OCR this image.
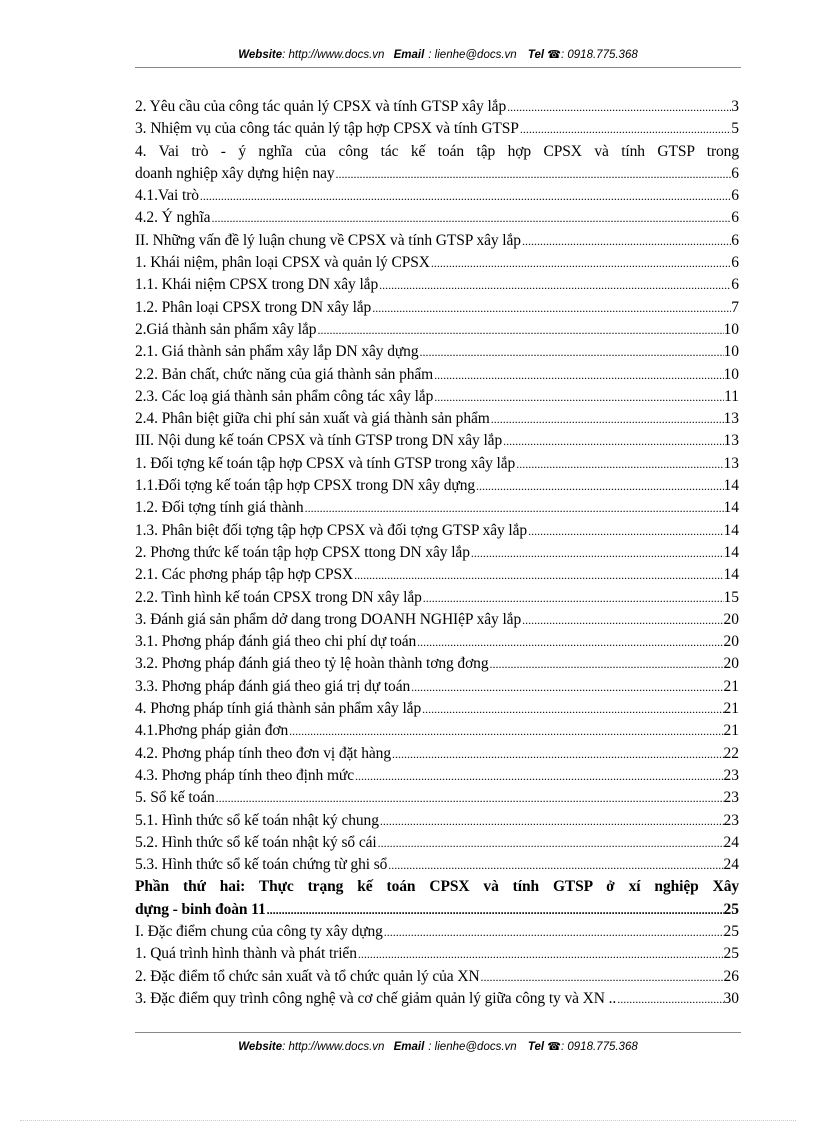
Website: http://www.docs.vn Email : lienhe@docs.vn Tel ☎: 0918.775.368
2. Yêu cầu của công tác quản lý CPSX và tính GTSP xây lắp .....	3
3. Nhiệm vụ của công tác quản lý tập hợp CPSX và tính GTSP .....	5
4. Vai trò - ý nghĩa của công tác kế toán tập hợp CPSX và tính GTSP trong
doanh nghiệp xây dựng hiện nay .....	6
4.1.Vai trò .....	6
4.2. Ý nghĩa .....	6
II. Những vấn đề lý luận chung về CPSX và tính GTSP xây lắp .....	6
1. Khái niệm, phân loại CPSX và quản lý CPSX .....	6
1.1. Khái niệm CPSX trong DN xây lắp .....	6
1.2. Phân loại CPSX trong DN xây lắp .....	7
2.Giá thành sản phẩm xây lắp .....	10
2.1. Giá thành sản phẩm xây lắp DN xây dựng .....	10
2.2. Bản chất, chức năng của giá thành sản phẩm .....	10
2.3. Các loạ giá thành sản phẩm công tác xây lắp .....	11
2.4. Phân biệt giữa chi phí sản xuất và giá thành sản phẩm .....	13
III. Nội dung kế toán CPSX và tính GTSP trong DN xây lắp .....	13
1. Đối tợng kế toán tập hợp CPSX và tính GTSP trong xây lắp .....	13
1.1.Đối tợng kế toán tập hợp CPSX trong DN xây dựng .....	14
1.2. Đối tợng tính giá thành .....	14
1.3. Phân biệt đối tợng tập hợp CPSX và đối tợng GTSP xây lắp .....	14
2. Phơng thức kế toán tập hợp CPSX ttong DN xây lắp .....	14
2.1. Các phơng pháp tập hợp CPSX .....	14
2.2. Tình hình kế toán CPSX trong DN xây lắp .....	15
3. Đánh giá sản phẩm dở dang trong DOANH NGHIệP xây lắp .....	20
3.1. Phơng pháp đánh giá theo chi phí dự toán .....	20
3.2. Phơng pháp đánh giá theo tỷ lệ hoàn thành tơng đơng .....	20
3.3. Phơng pháp đánh giá theo giá trị dự toán .....	21
4. Phơng pháp tính giá thành sản phẩm xây lắp .....	21
4.1.Phơng pháp giản đơn .....	21
4.2. Phơng pháp tính theo đơn vị đặt hàng .....	22
4.3. Phơng pháp tính theo định mức .....	23
5. Sổ kế toán .....	23
5.1. Hình thức sổ kế toán nhật ký chung .....	23
5.2. Hình thức sổ kế toán nhật ký sổ cái .....	24
5.3. Hình thức sổ kế toán chứng từ ghi sổ .....	24
Phần thứ hai: Thực trạng kế toán CPSX và tính GTSP ở xí nghiệp Xây
dựng - binh đoàn 11 .....	25
I. Đặc điểm chung của công ty xây dựng .....	25
1. Quá trình hình thành và phát triển .....	25
2. Đặc điểm tổ chức sản xuất và tổ chức quản lý của XN .....	26
3. Đặc điểm quy trình công nghệ và cơ chế giảm quản lý giữa công ty và XN .. .....	30
Website: http://www.docs.vn Email : lienhe@docs.vn Tel ☎: 0918.775.368
